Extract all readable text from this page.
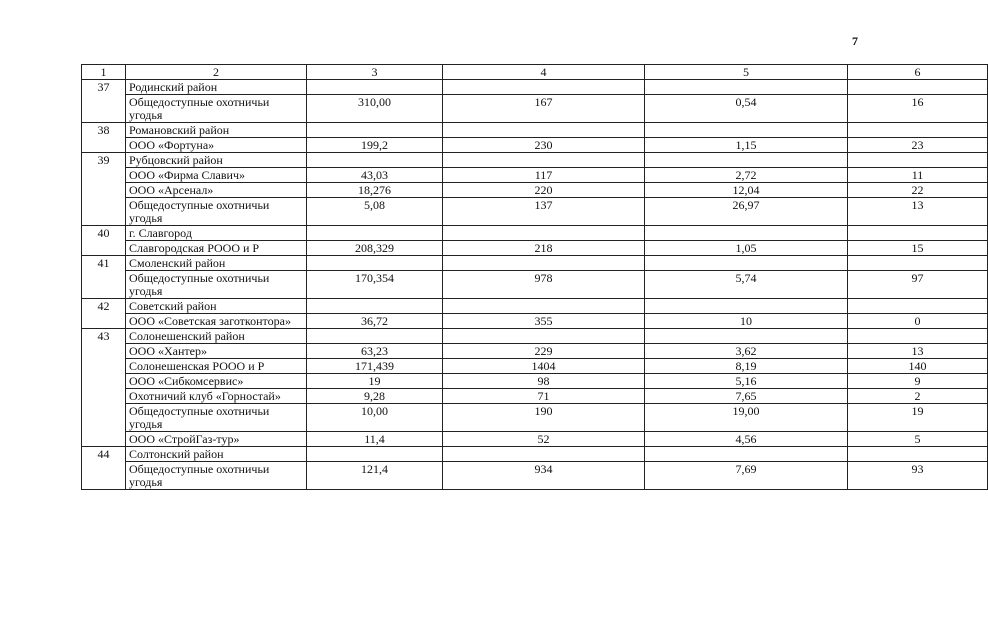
7
1	2	3	4	5	6
37	Родинский район				
	Общедоступные охотничьи угодья	310,00	167	0,54	16
38	Романовский район				
	ООО «Фортуна»	199,2	230	1,15	23
39	Рубцовский район				
	ООО «Фирма Славич»	43,03	117	2,72	11
	ООО «Арсенал»	18,276	220	12,04	22
	Общедоступные охотничьи угодья	5,08	137	26,97	13
40	г. Славгород				
	Славгородская РООО и Р	208,329	218	1,05	15
41	Смоленский район				
	Общедоступные охотничьи угодья	170,354	978	5,74	97
42	Советский район				
	ООО «Советская заготконтора»	36,72	355	10	0
43	Солонешенский район				
	ООО «Хантер»	63,23	229	3,62	13
	Солонешенская РООО и Р	171,439	1404	8,19	140
	ООО «Сибкомсервис»	19	98	5,16	9
	Охотничий клуб «Горностай»	9,28	71	7,65	2
	Общедоступные охотничьи угодья	10,00	190	19,00	19
	ООО «СтройГаз-тур»	11,4	52	4,56	5
44	Солтонский район				
	Общедоступные охотничьи угодья	121,4	934	7,69	93
